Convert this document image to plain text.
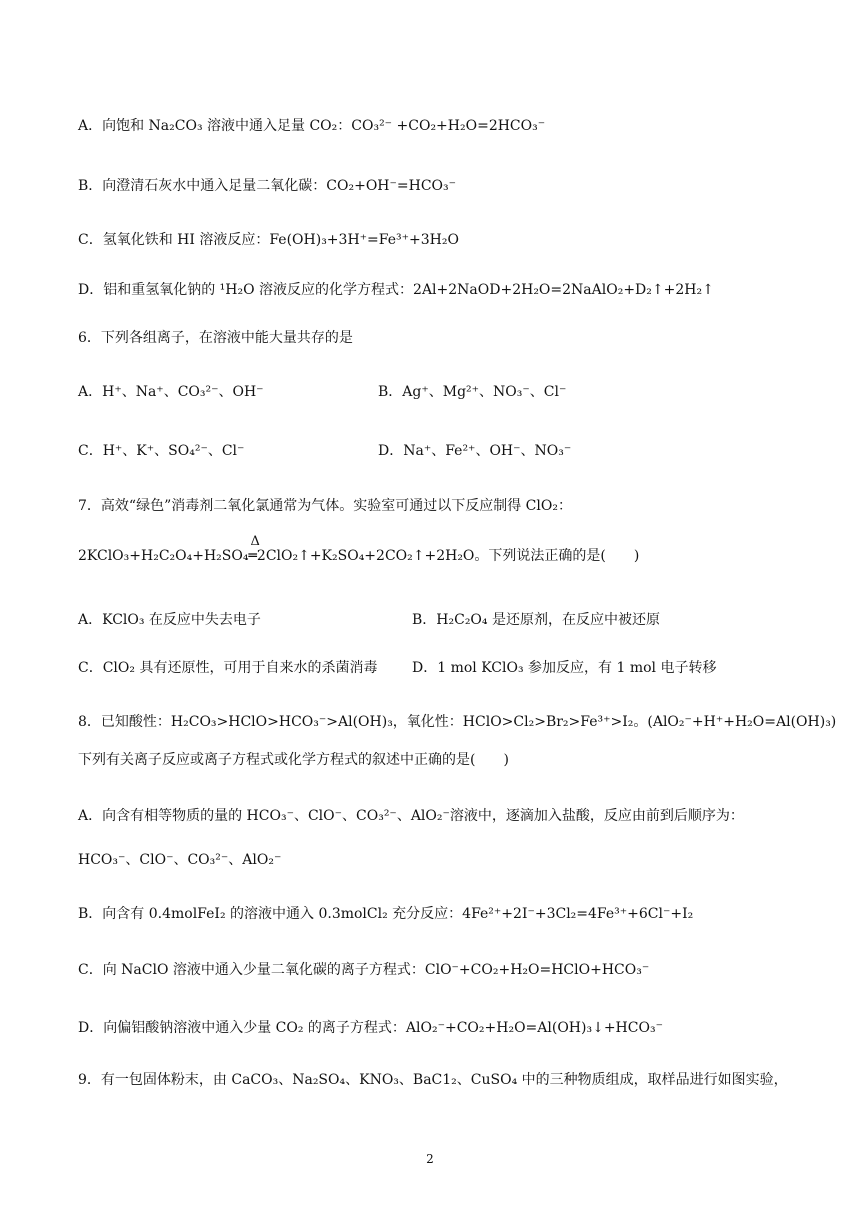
A．向饱和 Na₂CO₃ 溶液中通入足量 CO₂：CO₃²⁻ +CO₂+H₂O=2HCO₃⁻
B．向澄清石灰水中通入足量二氧化碳：CO₂+OH⁻=HCO₃⁻
C．氢氧化铁和 HI 溶液反应：Fe(OH)₃+3H⁺=Fe³⁺+3H₂O
D．铝和重氢氧化钠的 ¹H₂O 溶液反应的化学方程式：2Al+2NaOD+2H₂O=2NaAlO₂+D₂↑+2H₂↑
6．下列各组离子，在溶液中能大量共存的是
A．H⁺、Na⁺、CO₃²⁻、OH⁻	B．Ag⁺、Mg²⁺、NO₃⁻、Cl⁻
C．H⁺、K⁺、SO₄²⁻、Cl⁻	D．Na⁺、Fe²⁺、OH⁻、NO₃⁻
7．高效“绿色”消毒剂二氧化氯通常为气体。实验室可通过以下反应制得 ClO₂：
2KClO₃+H₂C₂O₄+H₂SO₄
Δ
═2ClO₂↑+K₂SO₄+2CO₂↑+2H₂O。下列说法正确的是(　　)
A．KClO₃ 在反应中失去电子	B．H₂C₂O₄ 是还原剂，在反应中被还原
C．ClO₂ 具有还原性，可用于自来水的杀菌消毒 D．1 mol KClO₃ 参加反应，有 1 mol 电子转移
8．已知酸性：H₂CO₃>HClO>HCO₃⁻>Al(OH)₃，氧化性：HClO>Cl₂>Br₂>Fe³⁺>I₂。(AlO₂⁻+H⁺+H₂O=Al(OH)₃)
下列有关离子反应或离子方程式或化学方程式的叙述中正确的是(　　)
A．向含有相等物质的量的 HCO₃⁻、ClO⁻、CO₃²⁻、AlO₂⁻溶液中，逐滴加入盐酸，反应由前到后顺序为：
HCO₃⁻、ClO⁻、CO₃²⁻、AlO₂⁻
B．向含有 0.4molFeI₂ 的溶液中通入 0.3molCl₂ 充分反应：4Fe²⁺+2I⁻+3Cl₂=4Fe³⁺+6Cl⁻+I₂
C．向 NaClO 溶液中通入少量二氧化碳的离子方程式：ClO⁻+CO₂+H₂O=HClO+HCO₃⁻
D．向偏铝酸钠溶液中通入少量 CO₂ 的离子方程式：AlO₂⁻+CO₂+H₂O=Al(OH)₃↓+HCO₃⁻
9．有一包固体粉末，由 CaCO₃、Na₂SO₄、KNO₃、BaC1₂、CuSO₄ 中的三种物质组成，取样品进行如图实验，
2
